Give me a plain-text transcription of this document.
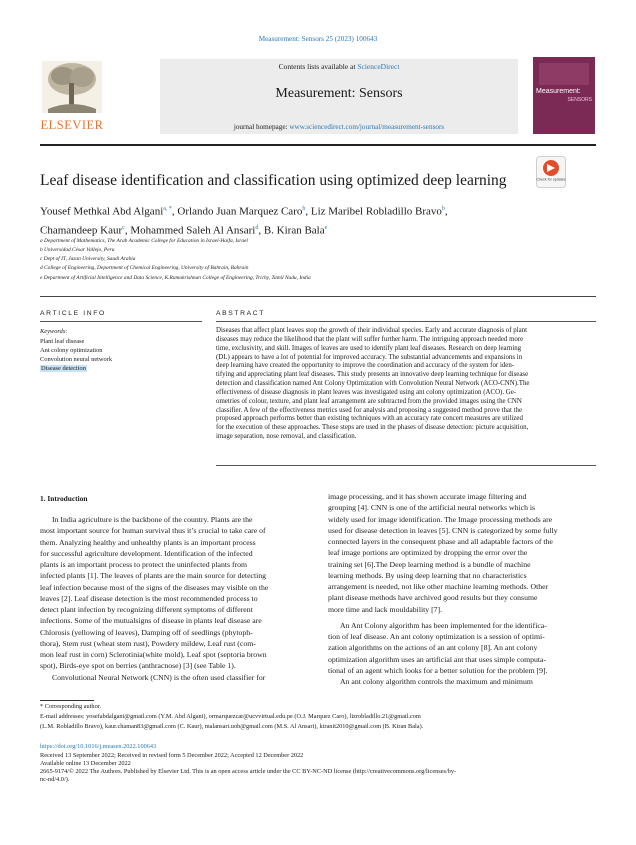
Measurement: Sensors 25 (2023) 100643
ELSEVIER
Contents lists available at ScienceDirect
Measurement: Sensors
journal homepage: www.sciencedirect.com/journal/measurement-sensors
Measurement:
SENSORS
Leaf disease identification and classification using optimized deep learning	Check for updates
Yousef Methkal Abd Algani$^{a, *}$, Orlando Juan Marquez Caro$^b$, Liz Maribel Robladillo Bravo$^b$,
Chamandeep Kaur$^c$, Mohammed Saleh Al Ansari$^d$, B. Kiran Bala$^e$
a Department of Mathematics, The Arab Academic College for Education in Israel-Haifa, Israel
b Universidad César Vallejo, Peru
c Dept of IT, Jazan University, Saudi Arabia
d College of Engineering, Department of Chemical Engineering, University of Bahrain, Bahrain
e Department of Artificial Intelligence and Data Science, K.Ramakrishnan College of Engineering, Trichy, Tamil Nadu, India
ARTICLE INFO	ABSTRACT
Keywords:
Plant leaf disease
Ant colony optimization
Convolution neural network
Disease detection
Diseases that affect plant leaves stop the growth of their individual species. Early and accurate diagnosis of plant
diseases may reduce the likelihood that the plant will suffer further harm. The intriguing approach needed more
time, exclusivity, and skill. Images of leaves are used to identify plant leaf diseases. Research on deep learning
(DL) appears to have a lot of potential for improved accuracy. The substantial advancements and expansions in
deep learning have created the opportunity to improve the coordination and accuracy of the system for iden-
tifying and appreciating plant leaf diseases. This study presents an innovative deep learning technique for disease
detection and classification named Ant Colony Optimization with Convolution Neural Network (ACO-CNN).The
effectiveness of disease diagnosis in plant leaves was investigated using ant colony optimization (ACO). Ge-
ometries of colour, texture, and plant leaf arrangement are subtracted from the provided images using the CNN
classifier. A few of the effectiveness metrics used for analysis and proposing a suggested method prove that the
proposed approach performs better than existing techniques with an accuracy rate concert measures are utilized
for the execution of these approaches. These steps are used in the phases of disease detection: picture acquisition,
image separation, nose removal, and classification.
1. Introduction

In India agriculture is the backbone of the country. Plants are the

most important source for human survival thus it’s crucial to take care of

them. Analyzing healthy and unhealthy plants is an important process

for successful agriculture development. Identification of the infected

plants is an important process to protect the uninfected plants from

infected plants [1]. The leaves of plants are the main source for detecting

leaf infection because most of the signs of the diseases may visible on the

leaves [2]. Leaf disease detection is the most recommended process to

detect plant infection by recognizing different symptoms of different

infections. Some of the mutualsigns of disease in plants leaf disease are

Chlorosis (yellowing of leaves), Damping off of seedlings (phytoph-

thora), Stem rust (wheat stem rust), Powdery mildew, Leaf rust (com-

mon leaf rust in corn) Sclerotinia(white mold), Leaf spot (septoria brown

spot), Birds-eye spot on berries (anthracnose) [3] (see Table 1).

Convolutional Neural Network (CNN) is the often used classifier for

image processing, and it has shown accurate image filtering and

grouping [4]. CNN is one of the artificial neural networks which is

widely used for image identification. The Image processing methods are

used for disease detection in leaves [5]. CNN is categorized by some fully

connected layers in the consequent phase and all adaptable factors of the

leaf image portions are optimized by dropping the error over the

training set [6].The Deep learning method is a bundle of machine

learning methods. By using deep learning that no characteristics

arrangement is needed, not like other machine learning methods. Other

plant disease methods have archived good results but they consume

more time and lack mouldability [7].

An Ant Colony algorithm has been implemented for the identifica-

tion of leaf disease. An ant colony optimization is a session of optimi-

zation algorithms on the actions of an ant colony [8]. An ant colony

optimization algorithm uses an artificial ant that uses simple computa-

tional of an agent which looks for a better solution for the problem [9].

An ant colony algorithm controls the maximum and minimum

* Corresponding author.
E-mail addresses: yosefabdalgani@gmail.com (Y.M. Abd Algani), ormarquezcar@ucvvirtual.edu.pe (O.J. Marquez Caro), lizrobladillo.21@gmail.com
(L.M. Robladillo Bravo), kaur.chaman83@gmail.com (C. Kaur), malansari.uob@gmail.com (M.S. Al Ansari), kiranit2010@gmail.com (B. Kiran Bala).
https://doi.org/10.1016/j.measen.2022.100643
Received 13 September 2022; Received in revised form 5 December 2022; Accepted 12 December 2022
Available online 13 December 2022
2665-9174/© 2022 The Authors. Published by Elsevier Ltd. This is an open access article under the CC BY-NC-ND license (http://creativecommons.org/licenses/by-
nc-nd/4.0/).
